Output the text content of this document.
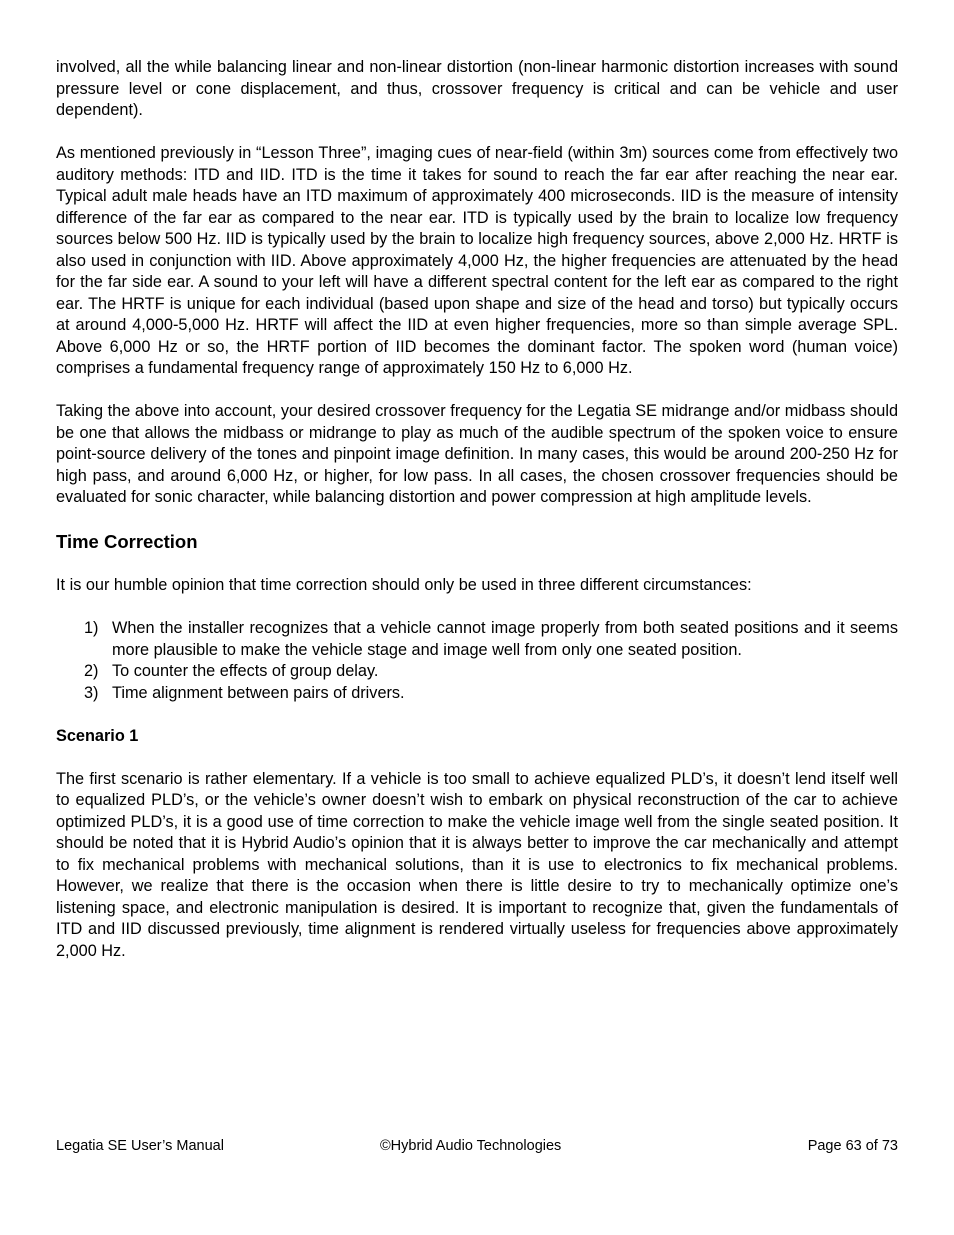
involved, all the while balancing linear and non-linear distortion (non-linear harmonic distortion increases with sound pressure level or cone displacement, and thus, crossover frequency is critical and can be vehicle and user dependent).

As mentioned previously in “Lesson Three”, imaging cues of near-field (within 3m) sources come from effectively two auditory methods: ITD and IID. ITD is the time it takes for sound to reach the far ear after reaching the near ear. Typical adult male heads have an ITD maximum of approximately 400 microseconds. IID is the measure of intensity difference of the far ear as compared to the near ear. ITD is typically used by the brain to localize low frequency sources below 500 Hz. IID is typically used by the brain to localize high frequency sources, above 2,000 Hz. HRTF is also used in conjunction with IID. Above approximately 4,000 Hz, the higher frequencies are attenuated by the head for the far side ear. A sound to your left will have a different spectral content for the left ear as compared to the right ear. The HRTF is unique for each individual (based upon shape and size of the head and torso) but typically occurs at around 4,000-5,000 Hz. HRTF will affect the IID at even higher frequencies, more so than simple average SPL. Above 6,000 Hz or so, the HRTF portion of IID becomes the dominant factor. The spoken word (human voice) comprises a fundamental frequency range of approximately 150 Hz to 6,000 Hz.

Taking the above into account, your desired crossover frequency for the Legatia SE midrange and/or midbass should be one that allows the midbass or midrange to play as much of the audible spectrum of the spoken voice to ensure point-source delivery of the tones and pinpoint image definition. In many cases, this would be around 200-250 Hz for high pass, and around 6,000 Hz, or higher, for low pass. In all cases, the chosen crossover frequencies should be evaluated for sonic character, while balancing distortion and power compression at high amplitude levels.

Time Correction

It is our humble opinion that time correction should only be used in three different circumstances:

1) When the installer recognizes that a vehicle cannot image properly from both seated positions and it seems more plausible to make the vehicle stage and image well from only one seated position.
2) To counter the effects of group delay.
3) Time alignment between pairs of drivers.
Scenario 1

The first scenario is rather elementary. If a vehicle is too small to achieve equalized PLD’s, it doesn’t lend itself well to equalized PLD’s, or the vehicle’s owner doesn’t wish to embark on physical reconstruction of the car to achieve optimized PLD’s, it is a good use of time correction to make the vehicle image well from the single seated position. It should be noted that it is Hybrid Audio’s opinion that it is always better to improve the car mechanically and attempt to fix mechanical problems with mechanical solutions, than it is use to electronics to fix mechanical problems. However, we realize that there is the occasion when there is little desire to try to mechanically optimize one’s listening space, and electronic manipulation is desired. It is important to recognize that, given the fundamentals of ITD and IID discussed previously, time alignment is rendered virtually useless for frequencies above approximately 2,000 Hz.

Legatia SE User’s Manual	©Hybrid Audio Technologies	Page 63 of 73
